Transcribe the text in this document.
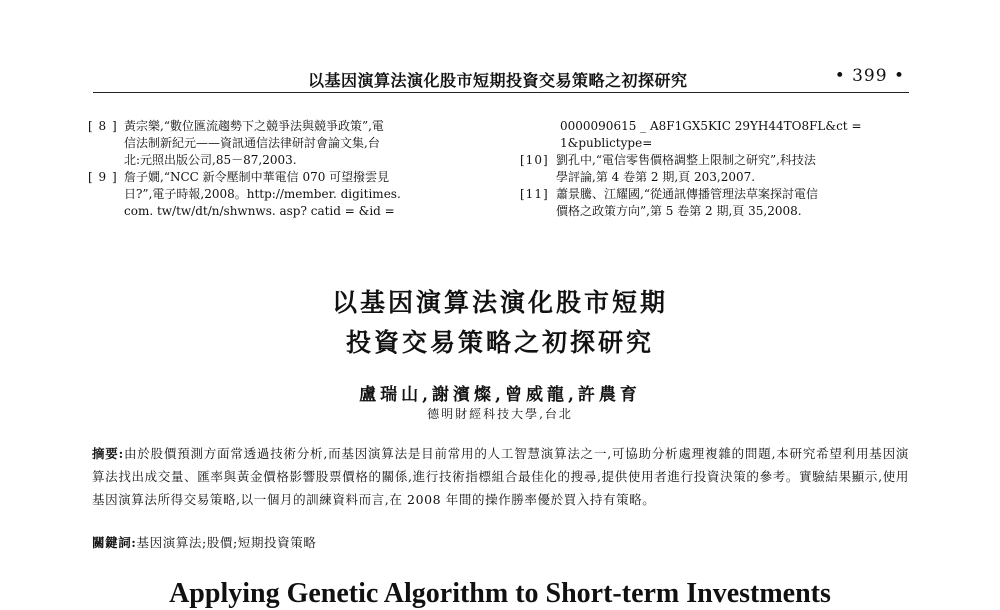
以基因演算法演化股市短期投資交易策略之初探研究	• 399 •
[ 8 ] 黃宗樂,“數位匯流趨勢下之競爭法與競爭政策”,電
信法制新紀元——資訊通信法律研討會論文集,台
北:元照出版公司,85－87,2003.
[ 9 ] 詹子嫺,“NCC 新令壓制中華電信 070 可望撥雲見
日?”,電子時報,2008。http://member. digitimes.
com. tw/tw/dt/n/shwnws. asp? catid = &id =
0000090615 _ A8F1GX5KIC 29YH44TO8FL&ct =
1&publictype=
[10] 劉孔中,“電信零售價格調整上限制之研究”,科技法
學評論,第 4 卷第 2 期,頁 203,2007.
[11] 蕭景騰、江耀國,“從通訊傳播管理法草案探討電信
價格之政策方向”,第 5 卷第 2 期,頁 35,2008.
以基因演算法演化股市短期
投資交易策略之初探研究
盧瑞山,謝濱燦,曾威龍,許農育
德明財經科技大學,台北
摘要:由於股價預測方面常透過技術分析,而基因演算法是目前常用的人工智慧演算法之一,可協助分析處理複雜的問題,本研究希望利用基因演算法找出成交量、匯率與黃金價格影響股票價格的關係,進行技術指標組合最佳化的搜尋,提供使用者進行投資決策的參考。實驗結果顯示,使用基因演算法所得交易策略,以一個月的訓練資料而言,在 2008 年間的操作勝率優於買入持有策略。
關鍵詞:基因演算法;股價;短期投資策略
Applying Genetic Algorithm to Short-term Investments
